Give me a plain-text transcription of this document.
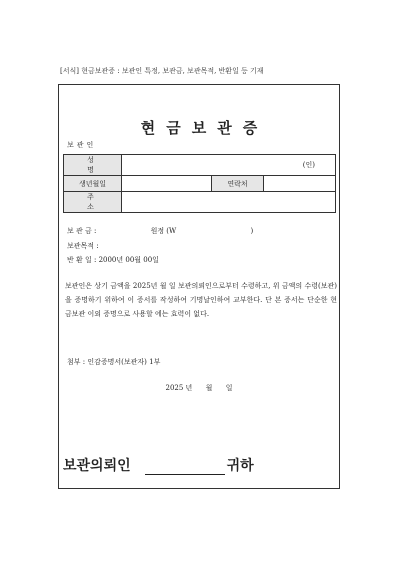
[서식] 현금보관증 : 보관인 특정, 보관금, 보관목적, 반환일 등 기재
현금보관증
보관인
성 명	(인)		
생년월일		연락처	
주 소			
보 관 금 :	원정 (W	)
보관목적 :
반 환 일 : 2000년 00월 00일
보관인은 상기 금액을 2025년 월 일 보관의뢰인으로부터 수령하고, 위 금액의 수령(보관)을 증명하기 위하여 이 증서를 작성하여 기명날인하여 교부한다. 단 본 증서는 단순한 현금보관 이외 증명으로 사용할 에는 효력이 없다.
첨부 : 인감증명서(보관자) 1부
2025 년      월      일
보관의뢰인	귀하
